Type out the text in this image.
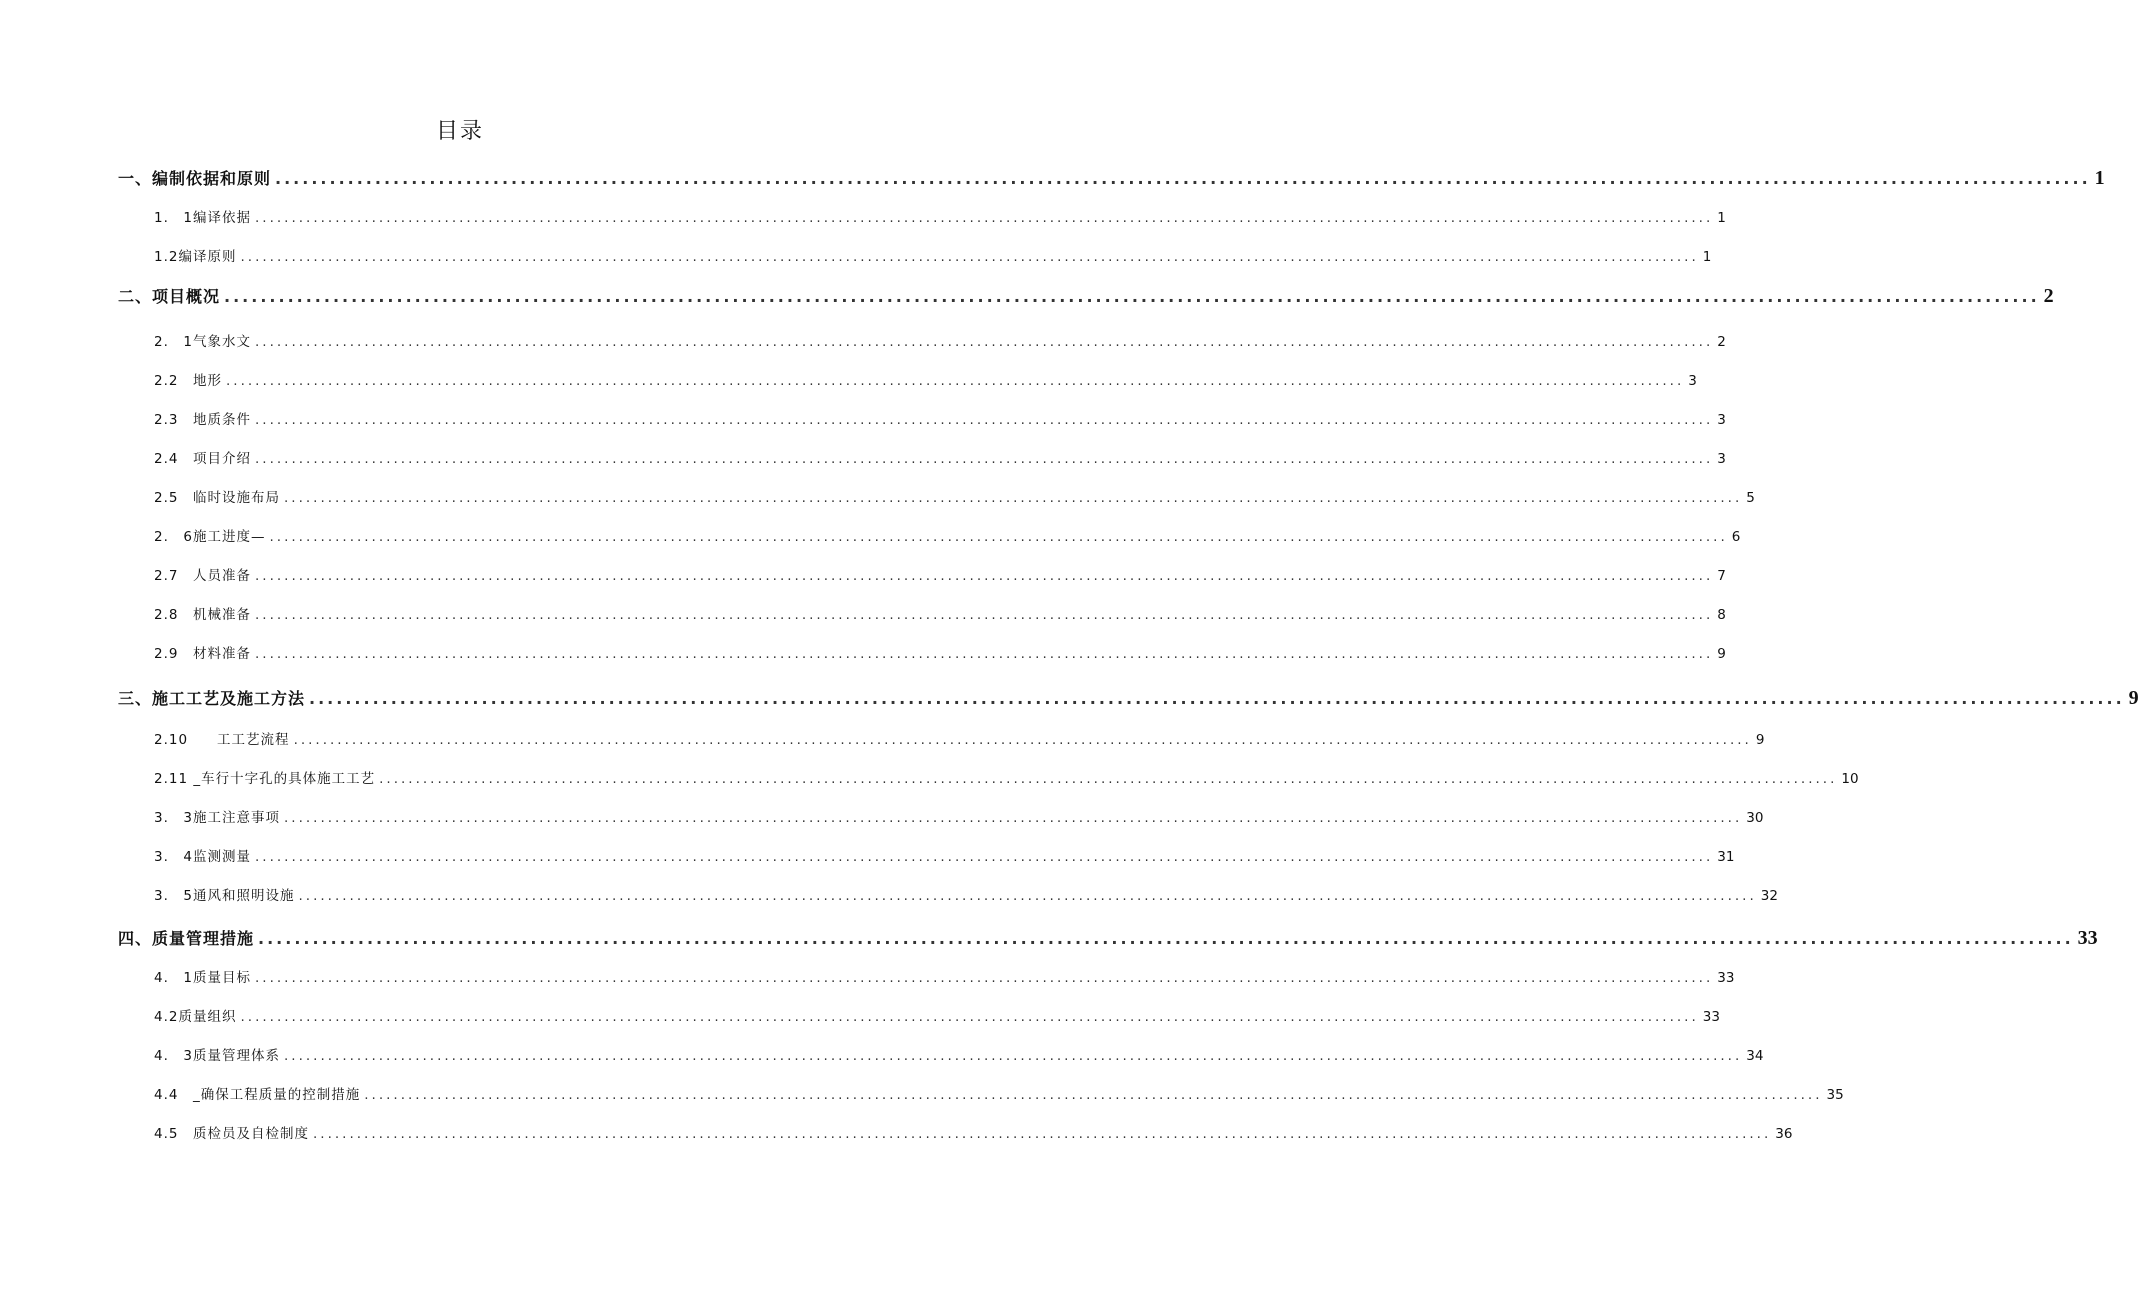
目录
一、编制依据和原则 ........................................................................................................................................................................................................ 1
1.　1编译依据 ........................................................................................................................................................................................................ 1
1.2编译原则 ........................................................................................................................................................................................................ 1
二、项目概况 ........................................................................................................................................................................................................ 2
2.　1气象水文 ........................................................................................................................................................................................................ 2
2.2　地形 ........................................................................................................................................................................................................ 3
2.3　地质条件 ........................................................................................................................................................................................................ 3
2.4　项目介绍 ........................................................................................................................................................................................................ 3
2.5　临时设施布局 ........................................................................................................................................................................................................ 5
2.　6施工进度— ........................................................................................................................................................................................................ 6
2.7　人员准备 ........................................................................................................................................................................................................ 7
2.8　机械准备 ........................................................................................................................................................................................................ 8
2.9　材料准备 ........................................................................................................................................................................................................ 9
三、施工工艺及施工方法 ........................................................................................................................................................................................................ 9
2.10　　工工艺流程 ........................................................................................................................................................................................................ 9
2.11 _车行十字孔的具体施工工艺 ........................................................................................................................................................................................................ 10
3.　3施工注意事项 ........................................................................................................................................................................................................ 30
3.　4监测测量 ........................................................................................................................................................................................................ 31
3.　5通风和照明设施 ........................................................................................................................................................................................................ 32
四、质量管理措施 ........................................................................................................................................................................................................ 33
4.　1质量目标 ........................................................................................................................................................................................................ 33
4.2质量组织 ........................................................................................................................................................................................................ 33
4.　3质量管理体系 ........................................................................................................................................................................................................ 34
4.4　_确保工程质量的控制措施 ........................................................................................................................................................................................................ 35
4.5　质检员及自检制度 ........................................................................................................................................................................................................ 36
